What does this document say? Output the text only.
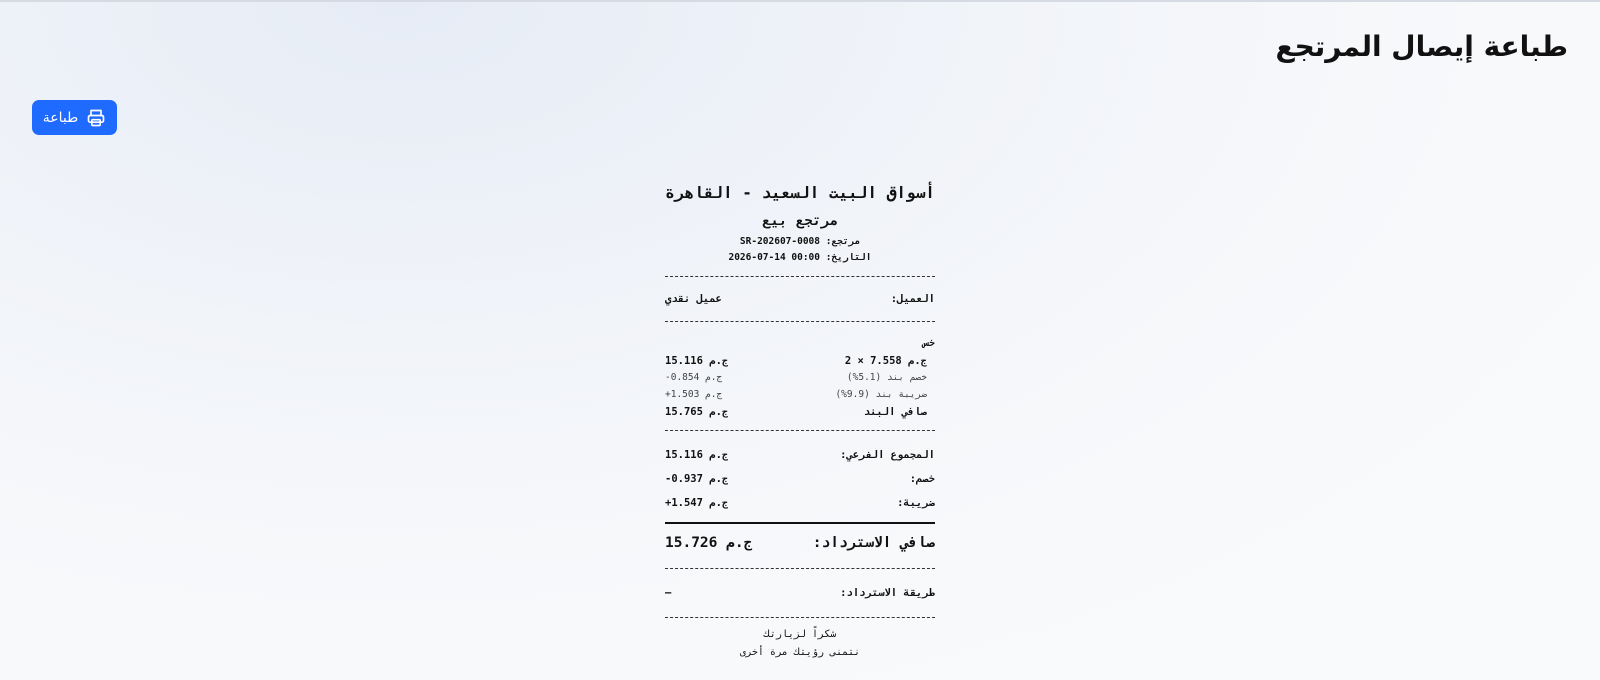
طباعة إيصال المرتجع
طباعة
أسواق البيت السعيد - القاهرة
مرتجع بيع
مرتجع: SR-202607-0008
التاريخ: 2026-07-14 00:00
العميل:
عميل نقدي
خس
2 × 7.558 ج.م
15.116 ج.م
خصم بند (5.1%)
-0.854 ج.م
ضريبة بند (9.9%)
+1.503 ج.م
صافي البند
15.765 ج.م
المجموع الفرعي:
15.116 ج.م
خصم:
-0.937 ج.م
ضريبة:
+1.547 ج.م
صافي الاسترداد:
15.726 ج.م
طريقة الاسترداد:
—
شكراً لزيارتك
نتمنى رؤيتك مرة أخرى
